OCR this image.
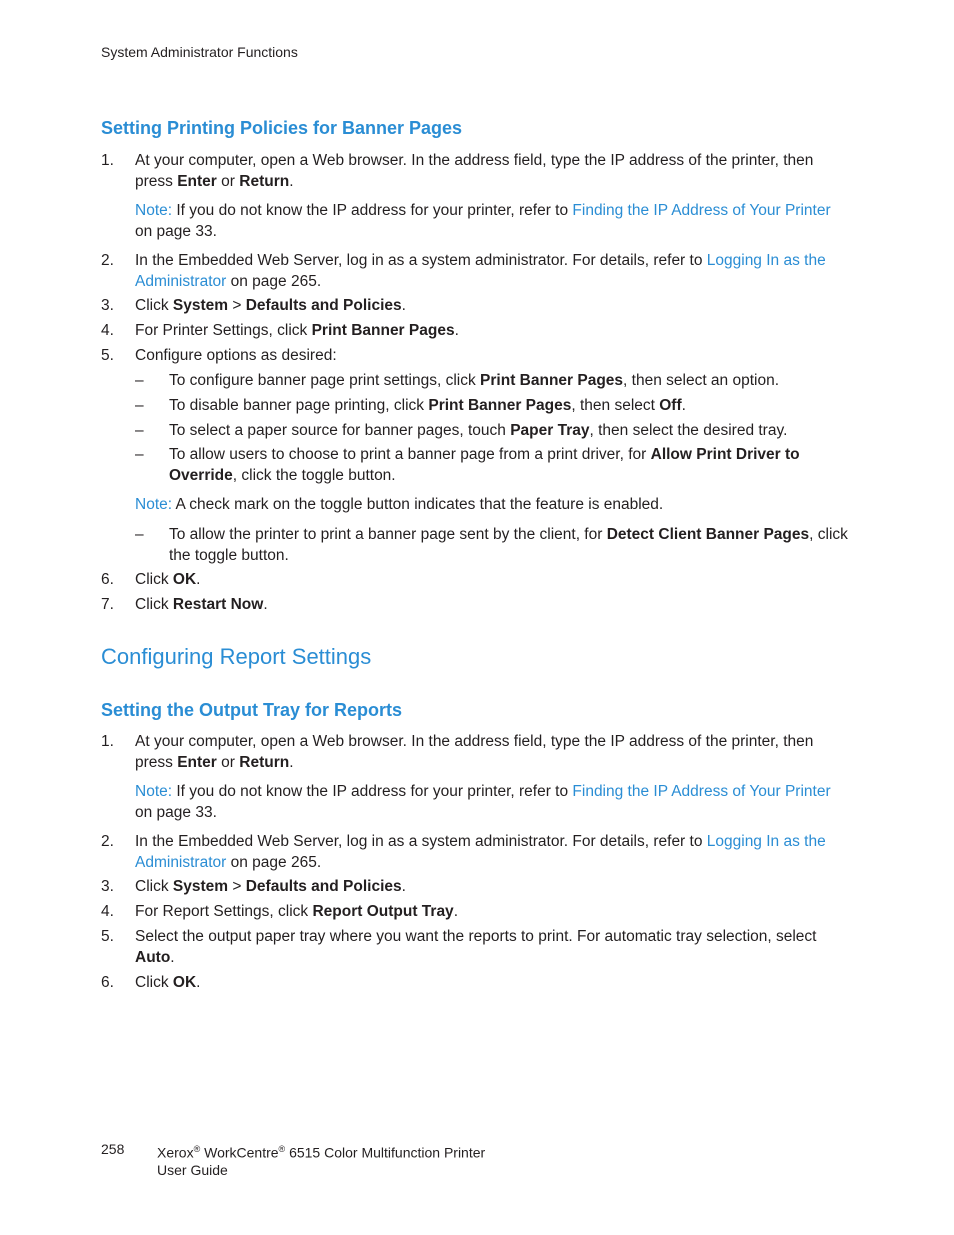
System Administrator Functions
Setting Printing Policies for Banner Pages
1. At your computer, open a Web browser. In the address field, type the IP address of the printer, then press Enter or Return.
Note: If you do not know the IP address for your printer, refer to Finding the IP Address of Your Printer on page 33.
2. In the Embedded Web Server, log in as a system administrator. For details, refer to Logging In as the Administrator on page 265.
3. Click System > Defaults and Policies.
4. For Printer Settings, click Print Banner Pages.
5. Configure options as desired:
– To configure banner page print settings, click Print Banner Pages, then select an option.
– To disable banner page printing, click Print Banner Pages, then select Off.
– To select a paper source for banner pages, touch Paper Tray, then select the desired tray.
– To allow users to choose to print a banner page from a print driver, for Allow Print Driver to Override, click the toggle button.
Note: A check mark on the toggle button indicates that the feature is enabled.
– To allow the printer to print a banner page sent by the client, for Detect Client Banner Pages, click the toggle button.
6. Click OK.
7. Click Restart Now.
Configuring Report Settings
Setting the Output Tray for Reports
1. At your computer, open a Web browser. In the address field, type the IP address of the printer, then press Enter or Return.
Note: If you do not know the IP address for your printer, refer to Finding the IP Address of Your Printer on page 33.
2. In the Embedded Web Server, log in as a system administrator. For details, refer to Logging In as the Administrator on page 265.
3. Click System > Defaults and Policies.
4. For Report Settings, click Report Output Tray.
5. Select the output paper tray where you want the reports to print. For automatic tray selection, select Auto.
6. Click OK.
258 Xerox® WorkCentre® 6515 Color Multifunction Printer
User Guide
